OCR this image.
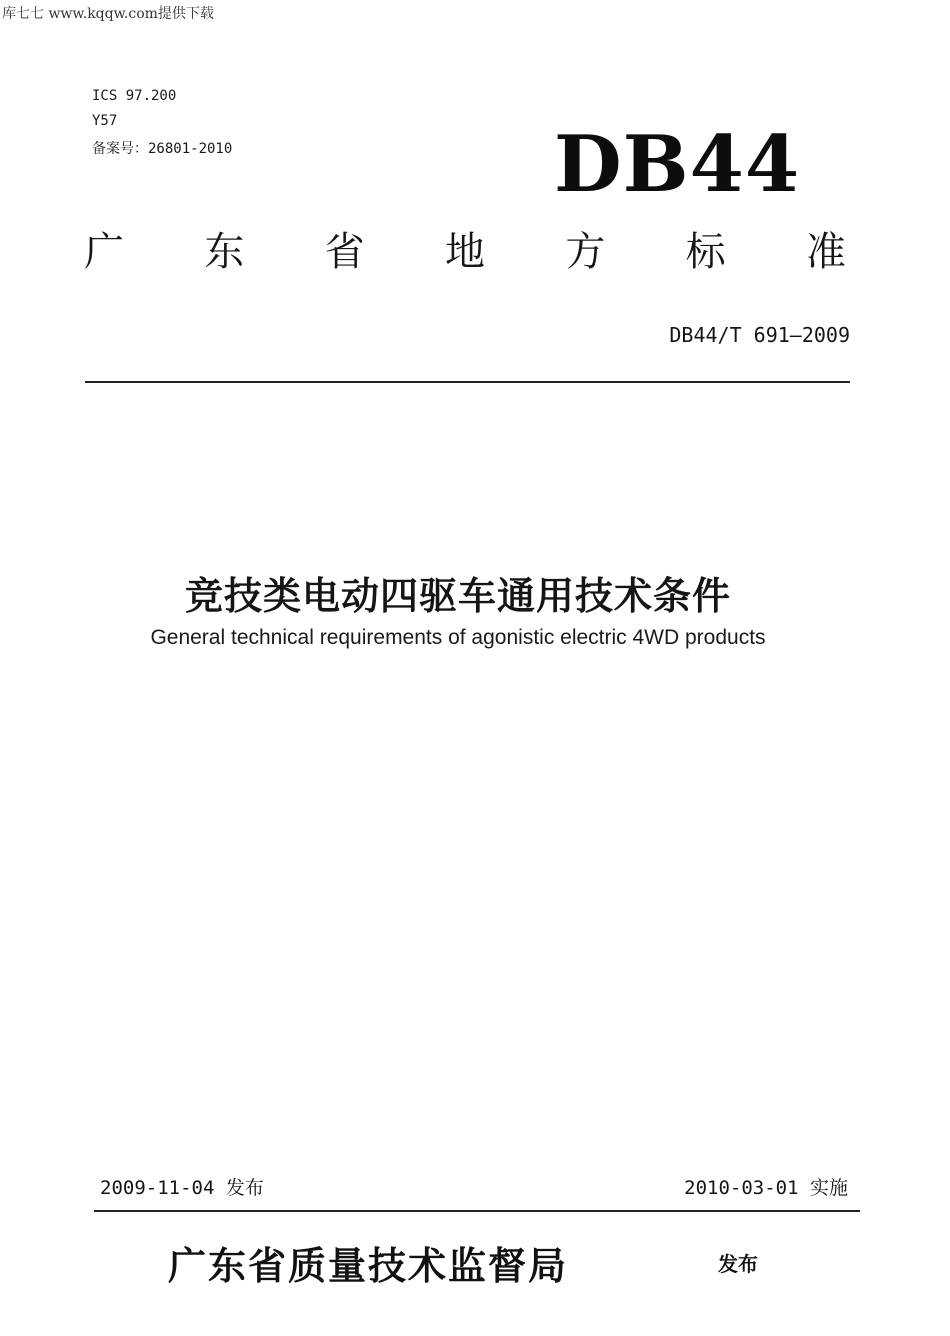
库七七 www.kqqw.com提供下载
ICS 97.200
Y57
备案号：26801-2010	DB44
广 东 省 地 方 标 准
DB44/T 691—2009
竞技类电动四驱车通用技术条件
General technical requirements of agonistic electric 4WD products
2009-11-04 发布	2010-03-01 实施
广东省质量技术监督局	发布
